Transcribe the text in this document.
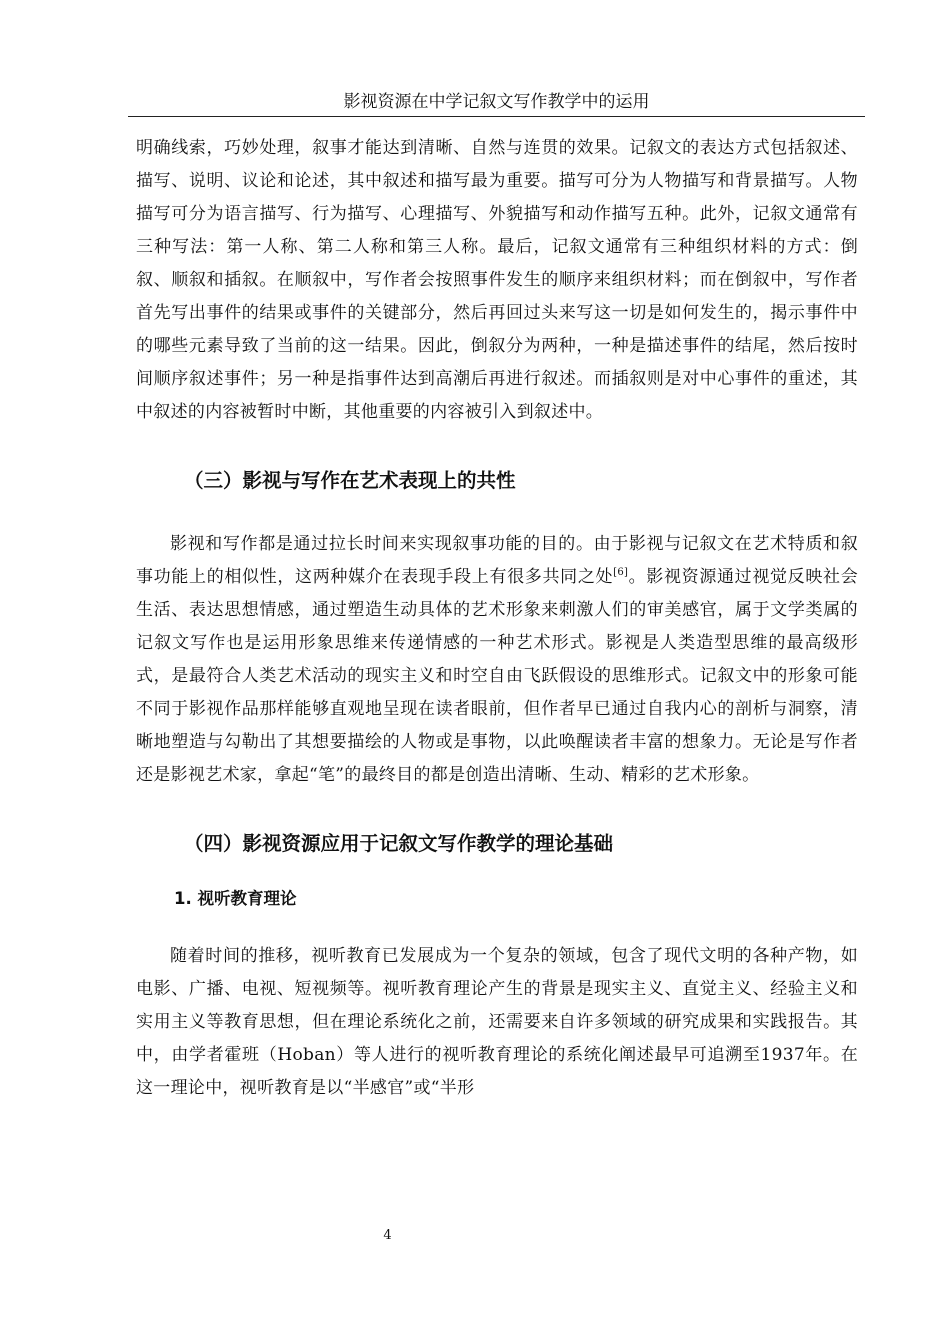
影视资源在中学记叙文写作教学中的运用

明确线索，巧妙处理，叙事才能达到清晰、自然与连贯的效果。记叙文的表达方式包括叙述、描写、说明、议论和论述，其中叙述和描写最为重要。描写可分为人物描写和背景描写。人物描写可分为语言描写、行为描写、心理描写、外貌描写和动作描写五种。此外，记叙文通常有三种写法：第一人称、第二人称和第三人称。最后，记叙文通常有三种组织材料的方式：倒叙、顺叙和插叙。在顺叙中，写作者会按照事件发生的顺序来组织材料；而在倒叙中，写作者首先写出事件的结果或事件的关键部分，然后再回过头来写这一切是如何发生的，揭示事件中的哪些元素导致了当前的这一结果。因此，倒叙分为两种，一种是描述事件的结尾，然后按时间顺序叙述事件；另一种是指事件达到高潮后再进行叙述。而插叙则是对中心事件的重述，其中叙述的内容被暂时中断，其他重要的内容被引入到叙述中。

（三）影视与写作在艺术表现上的共性

影视和写作都是通过拉长时间来实现叙事功能的目的。由于影视与记叙文在艺术特质和叙事功能上的相似性，这两种媒介在表现手段上有很多共同之处[6]。影视资源通过视觉反映社会生活、表达思想情感，通过塑造生动具体的艺术形象来刺激人们的审美感官，属于文学类属的记叙文写作也是运用形象思维来传递情感的一种艺术形式。影视是人类造型思维的最高级形式，是最符合人类艺术活动的现实主义和时空自由飞跃假设的思维形式。记叙文中的形象可能不同于影视作品那样能够直观地呈现在读者眼前，但作者早已通过自我内心的剖析与洞察，清晰地塑造与勾勒出了其想要描绘的人物或是事物，以此唤醒读者丰富的想象力。无论是写作者还是影视艺术家，拿起“笔”的最终目的都是创造出清晰、生动、精彩的艺术形象。

（四）影视资源应用于记叙文写作教学的理论基础
1. 视听教育理论

随着时间的推移，视听教育已发展成为一个复杂的领域，包含了现代文明的各种产物，如电影、广播、电视、短视频等。视听教育理论产生的背景是现实主义、直觉主义、经验主义和实用主义等教育思想，但在理论系统化之前，还需要来自许多领域的研究成果和实践报告。其中，由学者霍班（Hoban）等人进行的视听教育理论的系统化阐述最早可追溯至1937年。在这一理论中，视听教育是以“半感官”或“半形

4
